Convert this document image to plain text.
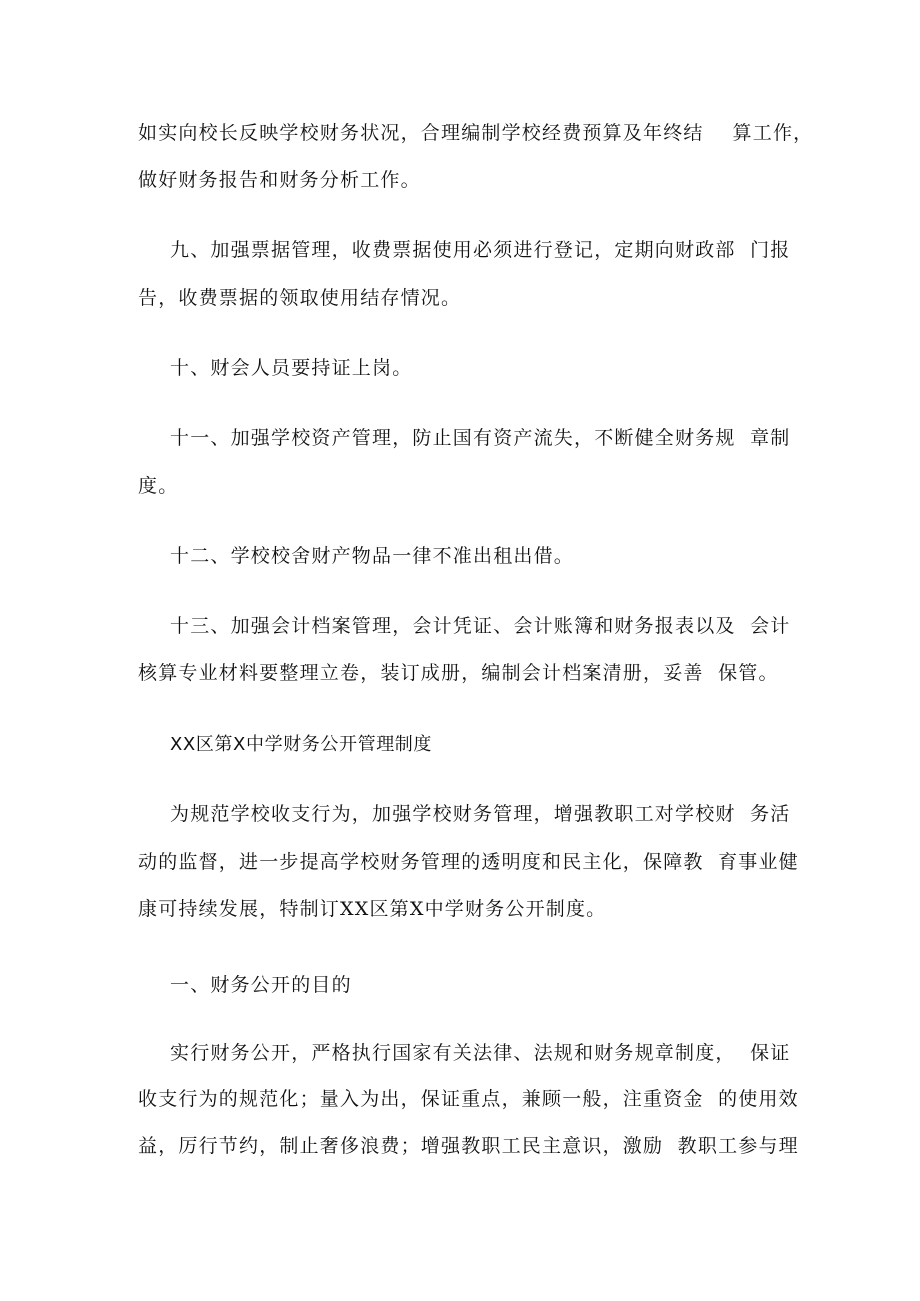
如实向校长反映学校财务状况，合理编制学校经费预算及年终结    算工作，
做好财务报告和财务分析工作。
九、加强票据管理，收费票据使用必须进行登记，定期向财政部  门报
告，收费票据的领取使用结存情况。
十、财会人员要持证上岗。
十一、加强学校资产管理，防止国有资产流失，不断健全财务规  章制
度。
十二、学校校舍财产物品一律不准出租出借。
十三、加强会计档案管理，会计凭证、会计账簿和财务报表以及  会计
核算专业材料要整理立卷，装订成册，编制会计档案清册，妥善  保管。
XX区第X中学财务公开管理制度
为规范学校收支行为，加强学校财务管理，增强教职工对学校财  务活
动的监督，进一步提高学校财务管理的透明度和民主化，保障教  育事业健
康可持续发展，特制订XX区第X中学财务公开制度。
一、财务公开的目的
实行财务公开，严格执行国家有关法律、法规和财务规章制度，  保证
收支行为的规范化；量入为出，保证重点，兼顾一般，注重资金  的使用效
益，厉行节约，制止奢侈浪费；增强教职工民主意识，激励  教职工参与理
